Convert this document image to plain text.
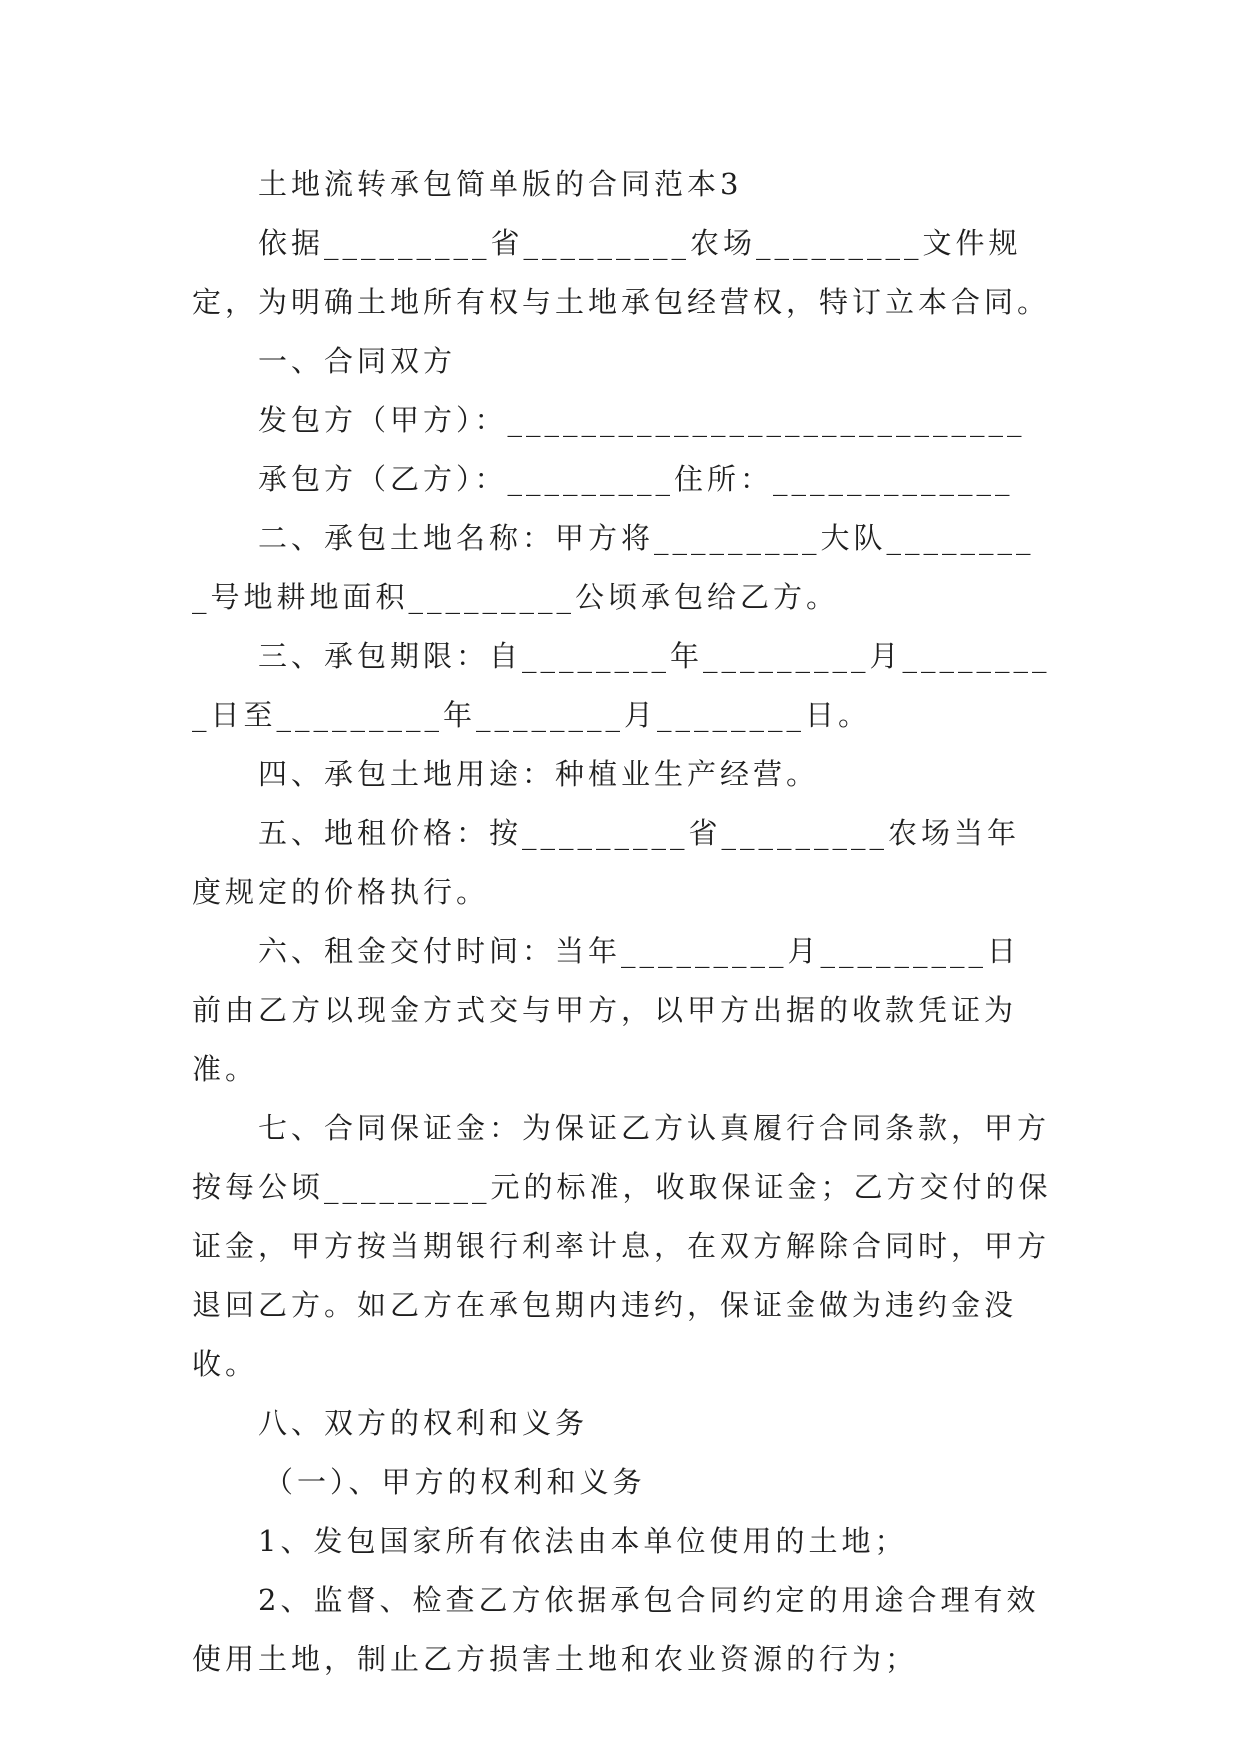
土地流转承包简单版的合同范本3

依据_________省_________农场_________文件规定，为明确土地所有权与土地承包经营权，特订立本合同。

一、合同双方

发包方（甲方）：____________________________

承包方（乙方）：_________住所：_____________

二、承包土地名称：甲方将_________大队_________号地耕地面积_________公顷承包给乙方。

三、承包期限：自________年_________月_________日至_________年________月________日。

四、承包土地用途：种植业生产经营。

五、地租价格：按_________省_________农场当年度规定的价格执行。

六、租金交付时间：当年_________月_________日前由乙方以现金方式交与甲方，以甲方出据的收款凭证为准。

七、合同保证金：为保证乙方认真履行合同条款，甲方按每公顷_________元的标准，收取保证金；乙方交付的保证金，甲方按当期银行利率计息，在双方解除合同时，甲方退回乙方。如乙方在承包期内违约，保证金做为违约金没收。

八、双方的权利和义务

（一）、甲方的权利和义务

1、发包国家所有依法由本单位使用的土地；

2、监督、检查乙方依据承包合同约定的用途合理有效使用土地，制止乙方损害土地和农业资源的行为；
